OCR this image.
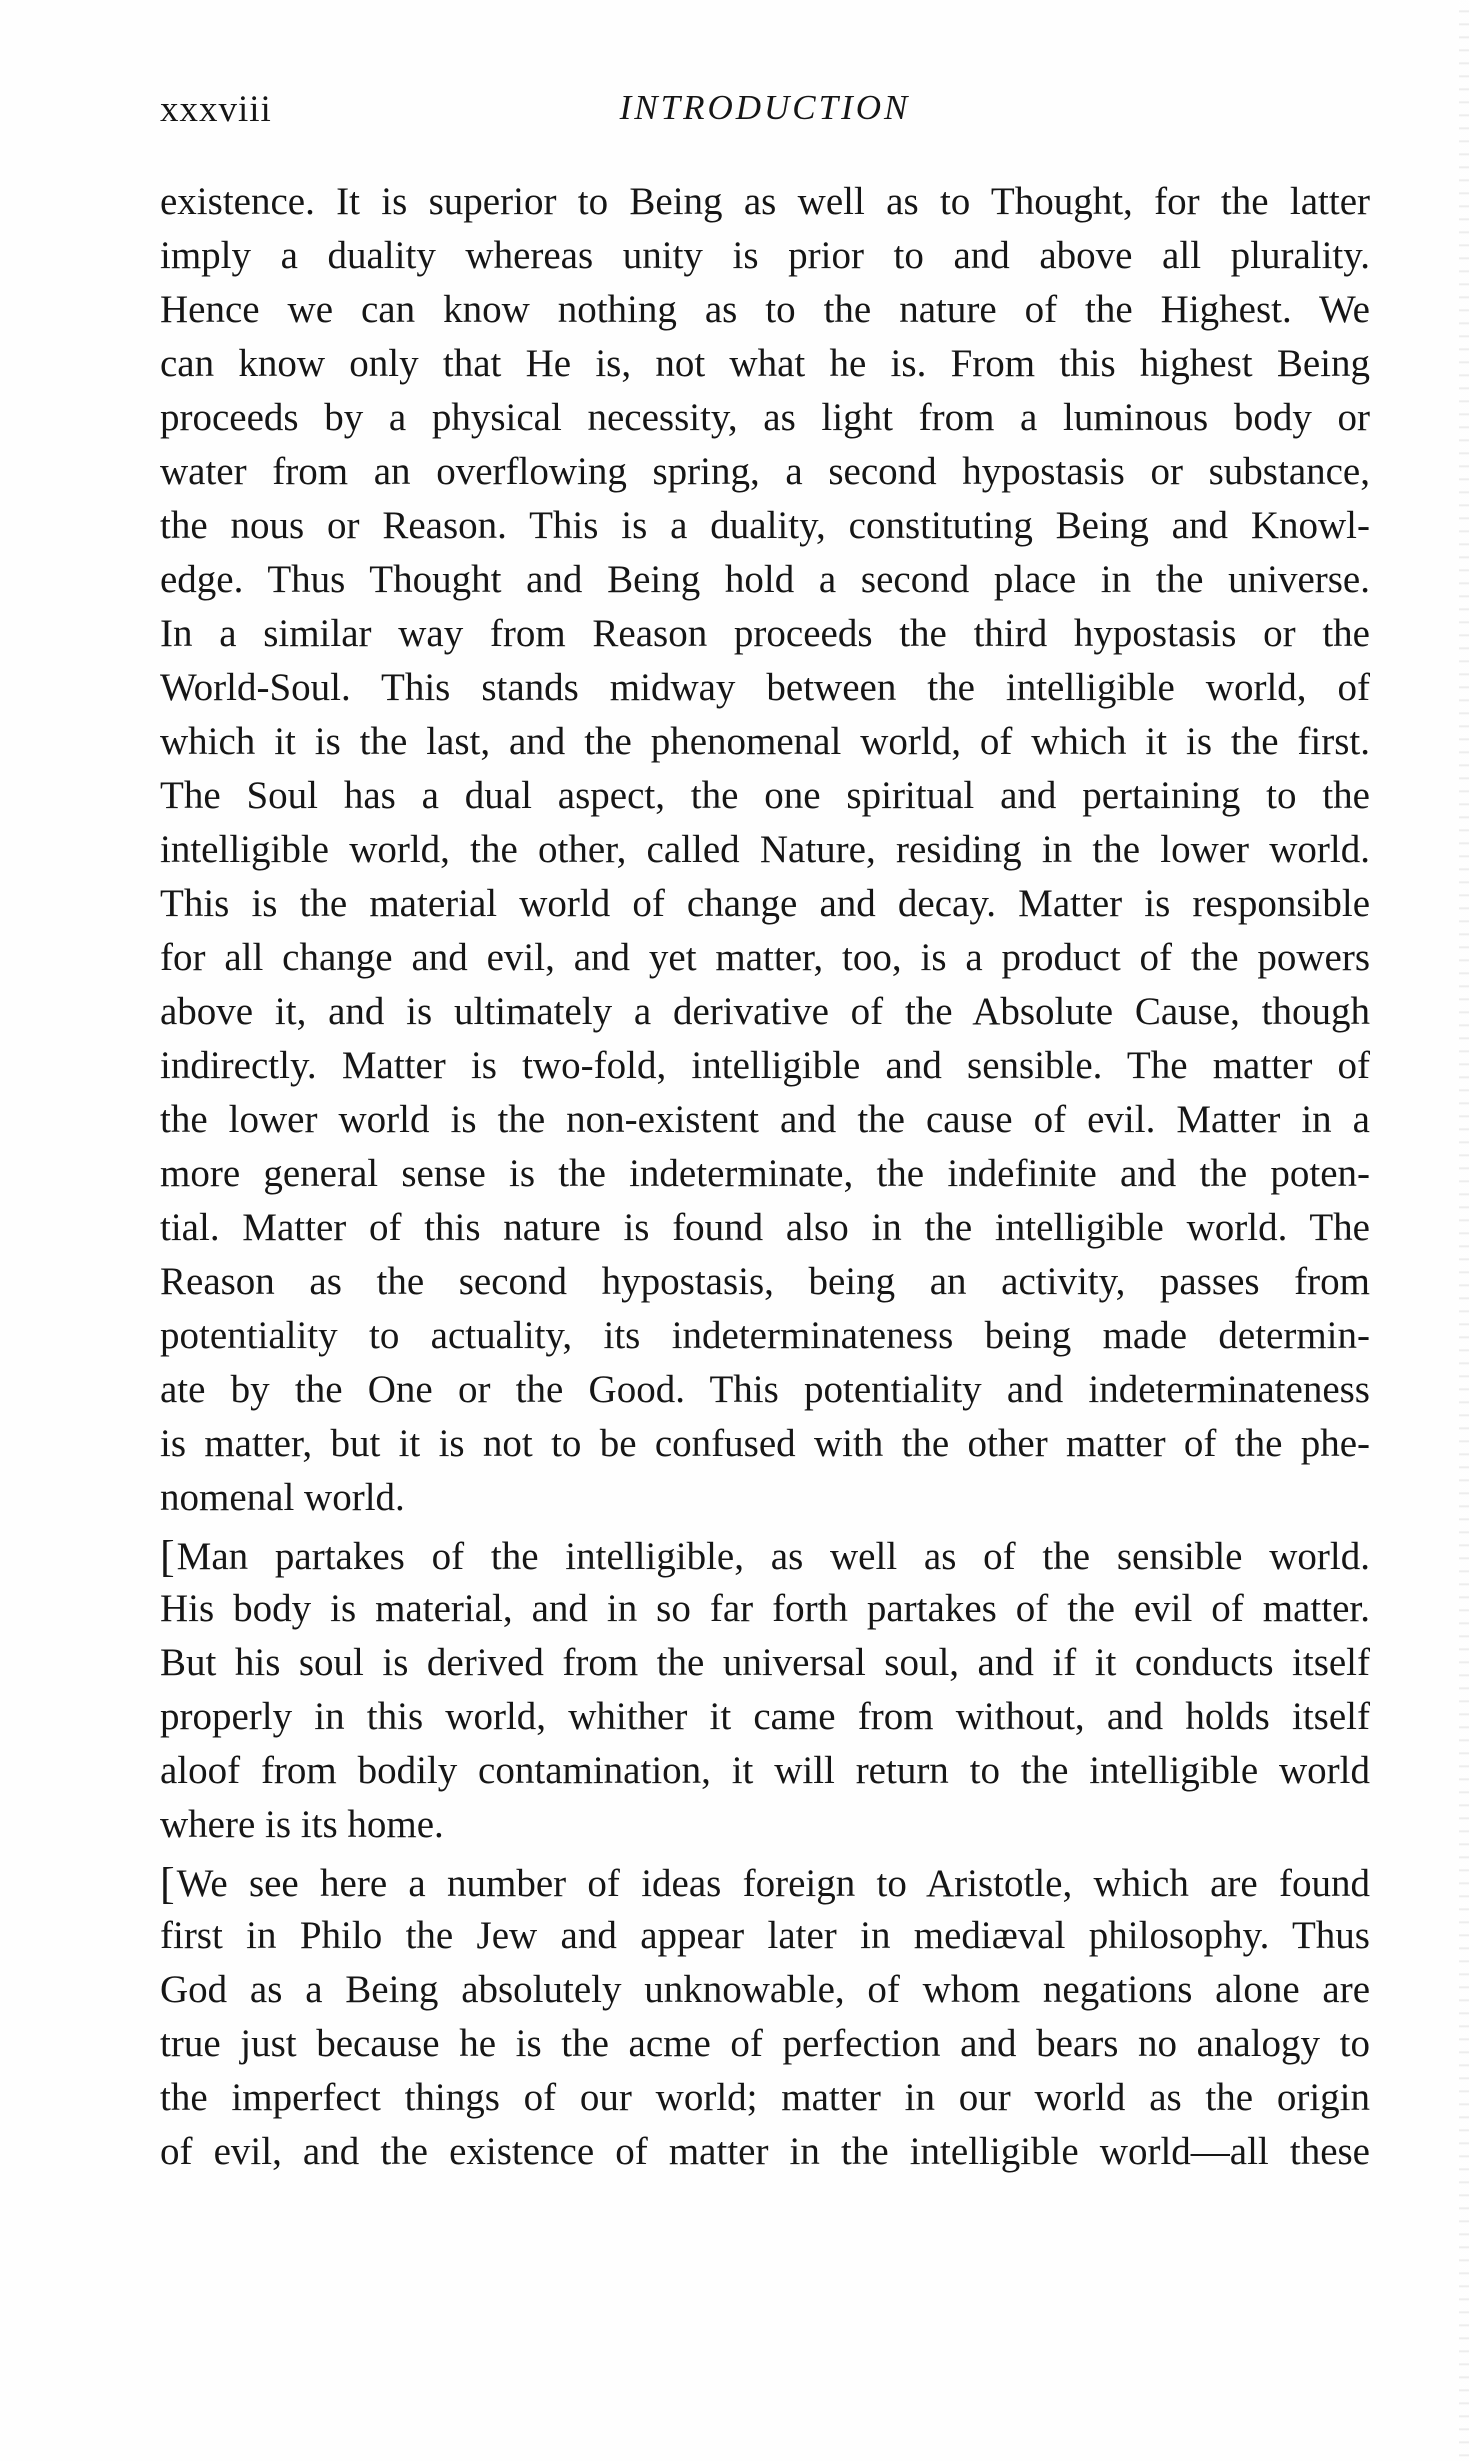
xxxviii	INTRODUCTION
existence. It is superior to Being as well as to Thought, for the latter
imply a duality whereas unity is prior to and above all plurality.
Hence we can know nothing as to the nature of the Highest. We
can know only that He is, not what he is. From this highest Being
proceeds by a physical necessity, as light from a luminous body or
water from an overflowing spring, a second hypostasis or substance,
the nous or Reason. This is a duality, constituting Being and Knowl-
edge. Thus Thought and Being hold a second place in the universe.
In a similar way from Reason proceeds the third hypostasis or the
World-Soul. This stands midway between the intelligible world, of
which it is the last, and the phenomenal world, of which it is the first.
The Soul has a dual aspect, the one spiritual and pertaining to the
intelligible world, the other, called Nature, residing in the lower world.
This is the material world of change and decay. Matter is responsible
for all change and evil, and yet matter, too, is a product of the powers
above it, and is ultimately a derivative of the Absolute Cause, though
indirectly. Matter is two-fold, intelligible and sensible. The matter of
the lower world is the non-existent and the cause of evil. Matter in a
more general sense is the indeterminate, the indefinite and the poten-
tial. Matter of this nature is found also in the intelligible world. The
Reason as the second hypostasis, being an activity, passes from
potentiality to actuality, its indeterminateness being made determin-
ate by the One or the Good. This potentiality and indeterminateness
is matter, but it is not to be confused with the other matter of the phe-
nomenal world.
[Man partakes of the intelligible, as well as of the sensible world.
His body is material, and in so far forth partakes of the evil of matter.
But his soul is derived from the universal soul, and if it conducts itself
properly in this world, whither it came from without, and holds itself
aloof from bodily contamination, it will return to the intelligible world
where is its home.
[We see here a number of ideas foreign to Aristotle, which are found
first in Philo the Jew and appear later in mediæval philosophy. Thus
God as a Being absolutely unknowable, of whom negations alone are
true just because he is the acme of perfection and bears no analogy to
the imperfect things of our world; matter in our world as the origin
of evil, and the existence of matter in the intelligible world—all these
